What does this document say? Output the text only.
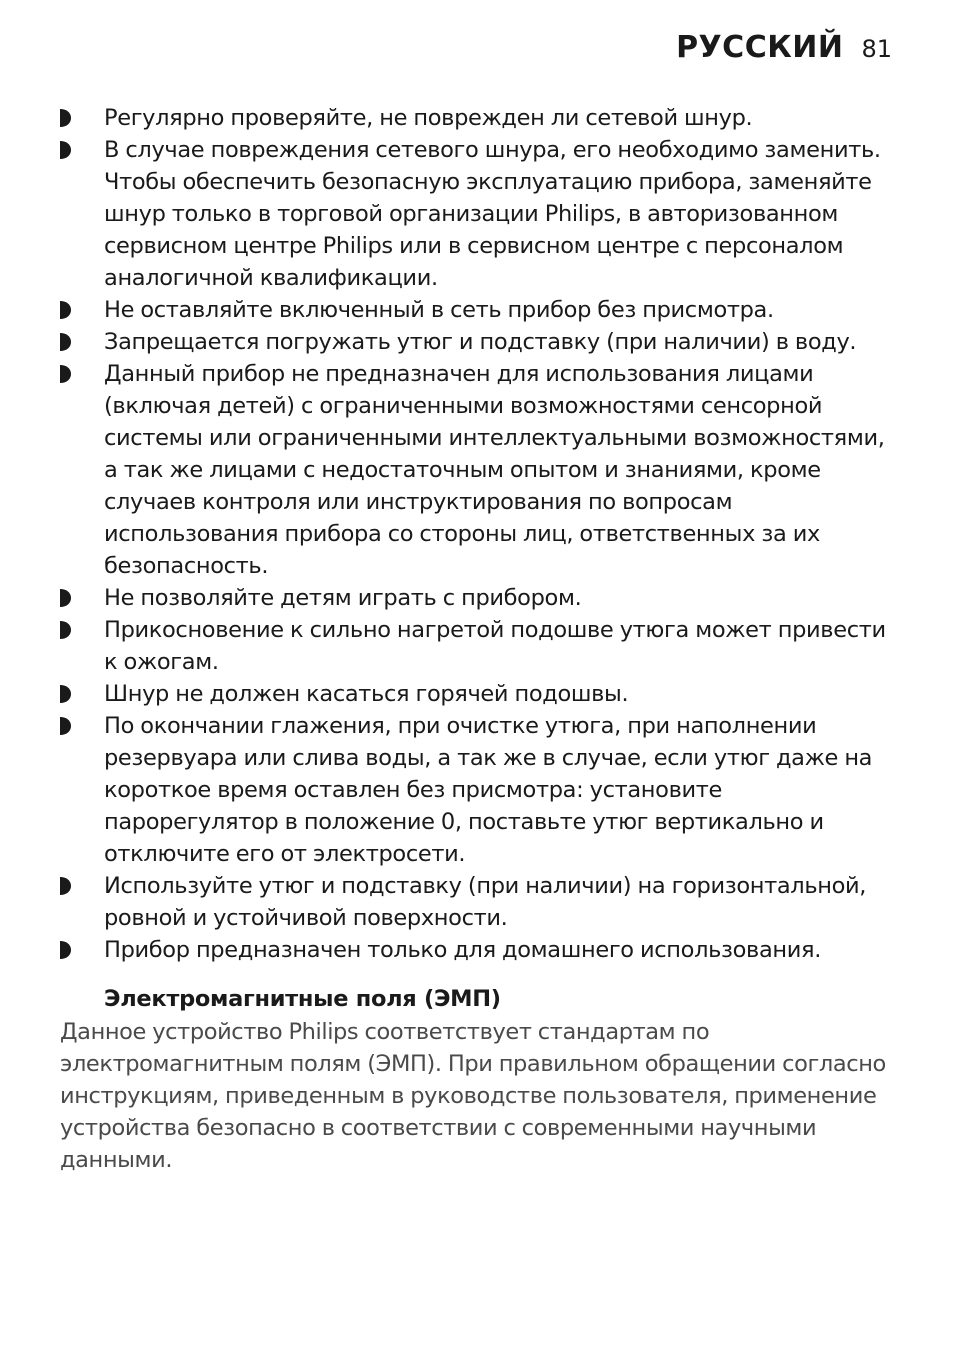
РУССКИЙ 81
Регулярно проверяйте, не поврежден ли сетевой шнур.
В случае повреждения сетевого шнура, его необходимо заменить. Чтобы обеспечить безопасную эксплуатацию прибора, заменяйте шнур только в торговой организации Philips, в авторизованном сервисном центре Philips или в сервисном центре с персоналом аналогичной квалификации.
Не оставляйте включенный в сеть прибор без присмотра.
Запрещается погружать утюг и подставку (при наличии) в воду.
Данный прибор не предназначен для использования лицами (включая детей) с ограниченными возможностями сенсорной системы или ограниченными интеллектуальными возможностями, а так же лицами с недостаточным опытом и знаниями, кроме случаев контроля или инструктирования по вопросам использования прибора со стороны лиц, ответственных за их безопасность.
Не позволяйте детям играть с прибором.
Прикосновение к сильно нагретой подошве утюга может привести к ожогам.
Шнур не должен касаться горячей подошвы.
По окончании глажения, при очистке утюга, при наполнении резервуара или слива воды, а так же в случае, если утюг даже на короткое время оставлен без присмотра: установите парорегулятор в положение 0, поставьте утюг вертикально и отключите его от электросети.
Используйте утюг и подставку (при наличии) на горизонтальной, ровной и устойчивой поверхности.
Прибор предназначен только для домашнего использования.
Электромагнитные поля (ЭМП)

Данное устройство Philips соответствует стандартам по электромагнитным полям (ЭМП). При правильном обращении согласно инструкциям, приведенным в руководстве пользователя, применение устройства безопасно в соответствии с современными научными данными.
